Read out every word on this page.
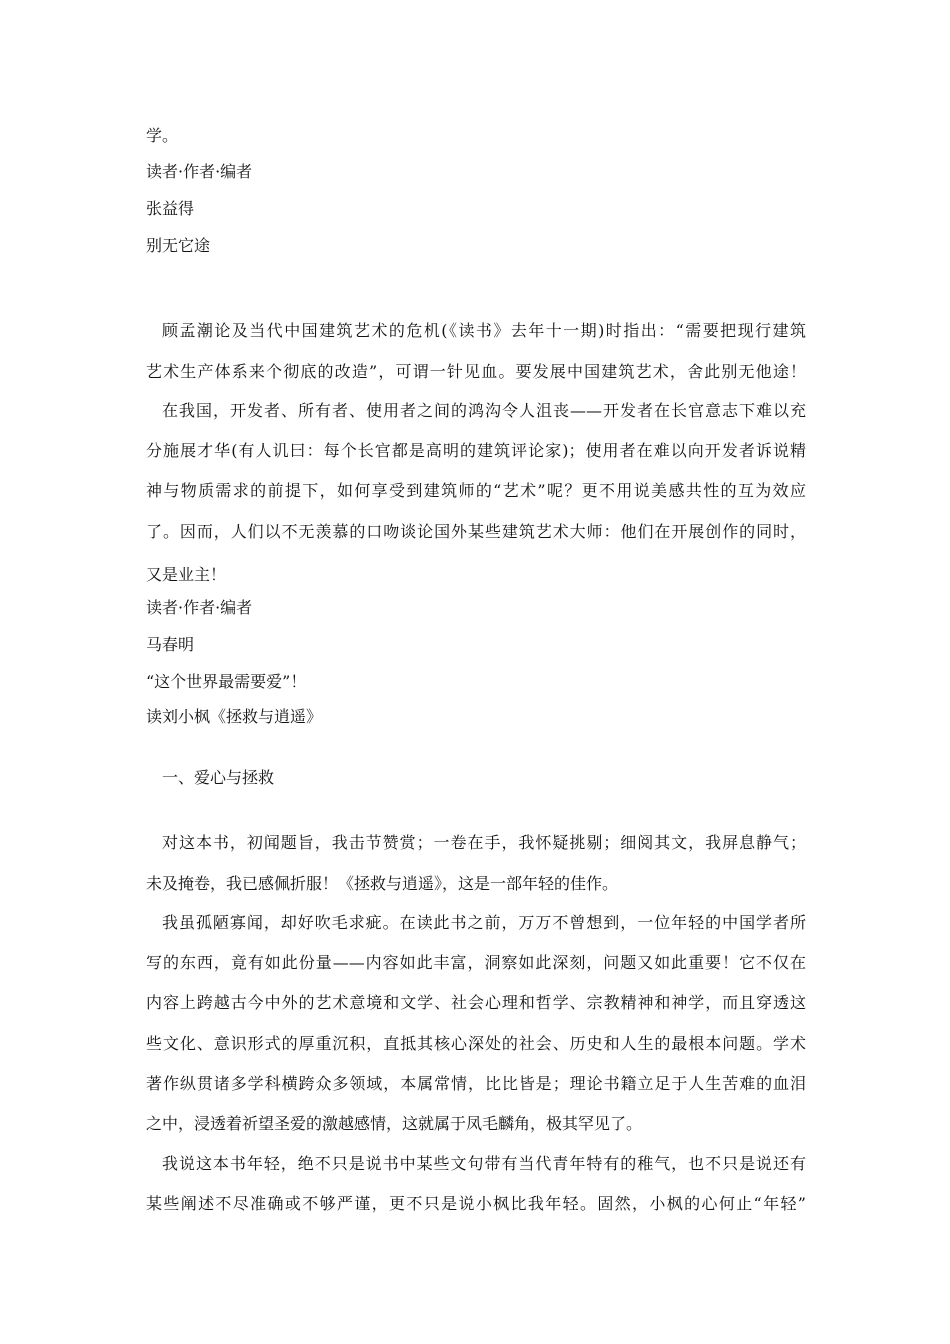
学。

读者·作者·编者

张益得

别无它途

顾孟潮论及当代中国建筑艺术的危机(《读书》去年十一期)时指出：“需要把现行建筑

艺术生产体系来个彻底的改造”，可谓一针见血。要发展中国建筑艺术，舍此别无他途！

在我国，开发者、所有者、使用者之间的鸿沟令人沮丧——开发者在长官意志下难以充

分施展才华(有人讥曰：每个长官都是高明的建筑评论家)；使用者在难以向开发者诉说精

神与物质需求的前提下，如何享受到建筑师的“艺术”呢？更不用说美感共性的互为效应

了。因而，人们以不无羡慕的口吻谈论国外某些建筑艺术大师：他们在开展创作的同时，

又是业主！

读者·作者·编者

马春明

“这个世界最需要爱”！

读刘小枫《拯救与逍遥》

一、爱心与拯救

对这本书，初闻题旨，我击节赞赏；一卷在手，我怀疑挑剔；细阅其文，我屏息静气；

未及掩卷，我已感佩折服！《拯救与逍遥》，这是一部年轻的佳作。

我虽孤陋寡闻，却好吹毛求疵。在读此书之前，万万不曾想到，一位年轻的中国学者所

写的东西，竟有如此份量——内容如此丰富，洞察如此深刻，问题又如此重要！它不仅在

内容上跨越古今中外的艺术意境和文学、社会心理和哲学、宗教精神和神学，而且穿透这

些文化、意识形式的厚重沉积，直抵其核心深处的社会、历史和人生的最根本问题。学术

著作纵贯诸多学科横跨众多领域，本属常情，比比皆是；理论书籍立足于人生苦难的血泪

之中，浸透着祈望圣爱的激越感情，这就属于凤毛麟角，极其罕见了。

我说这本书年轻，绝不只是说书中某些文句带有当代青年特有的稚气，也不只是说还有

某些阐述不尽准确或不够严谨，更不只是说小枫比我年轻。固然，小枫的心何止“年轻”
